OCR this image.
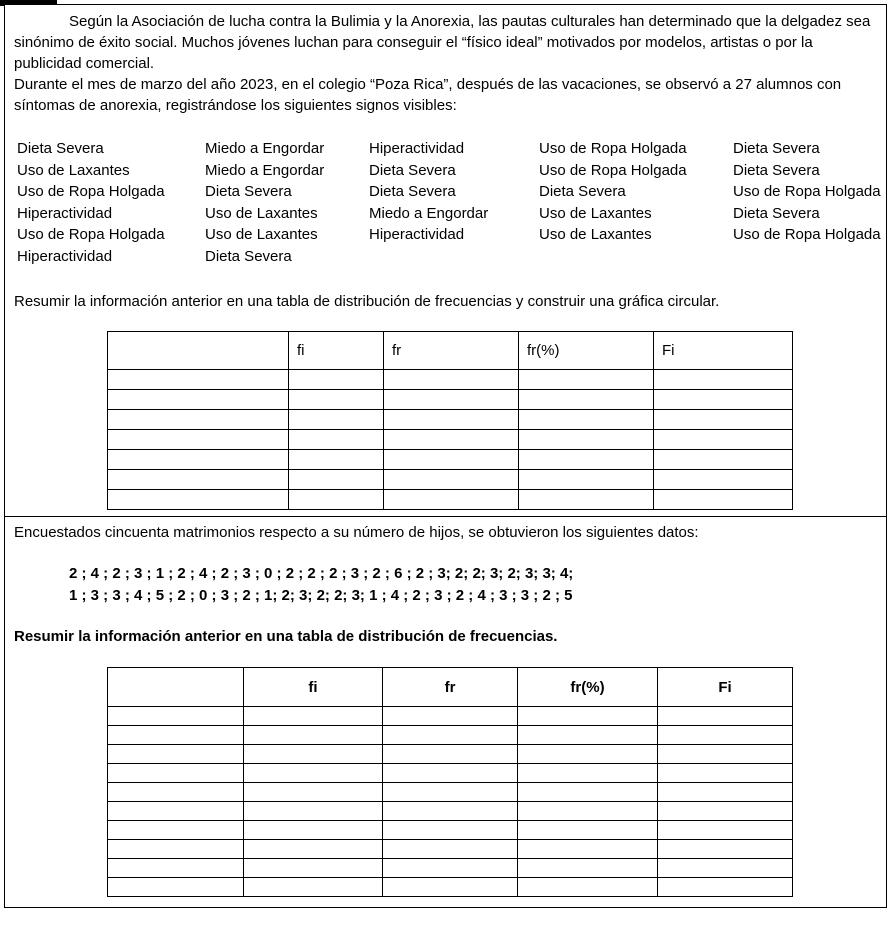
Según la Asociación de lucha contra la Bulimia y la Anorexia, las pautas culturales han determinado que la delgadez sea sinónimo de éxito social. Muchos jóvenes luchan para conseguir el “físico ideal” motivados por modelos, artistas o por la publicidad comercial.

Durante el mes de marzo del año 2023, en el colegio “Poza Rica”, después de las vacaciones, se observó a 27 alumnos con síntomas de anorexia, registrándose los siguientes signos visibles:

Dieta Severa	Miedo a Engordar	Hiperactividad	Uso de Ropa Holgada	Dieta Severa
Uso de Laxantes	Miedo a Engordar	Dieta Severa	Uso de Ropa Holgada	Dieta Severa
Uso de Ropa Holgada	Dieta Severa	Dieta Severa	Dieta Severa	Uso de Ropa Holgada
Hiperactividad	Uso de Laxantes	Miedo a Engordar	Uso de Laxantes	Dieta Severa
Uso de Ropa Holgada	Uso de Laxantes	Hiperactividad	Uso de Laxantes	Uso de Ropa Holgada
Hiperactividad	Dieta Severa

Resumir la información anterior en una tabla de distribución de frecuencias y construir una gráfica circular.

	fi	fr	fr(%)	Fi

Encuestados cincuenta matrimonios respecto a su número de hijos, se obtuvieron los siguientes datos:

2 ; 4 ; 2 ; 3 ; 1 ; 2 ; 4 ; 2 ; 3 ; 0 ; 2 ; 2 ; 2 ; 3 ; 2 ; 6 ; 2 ; 3; 2; 2; 3; 2; 3; 3; 4;
1 ; 3 ; 3 ; 4 ; 5 ; 2 ; 0 ; 3 ; 2 ; 1; 2; 3; 2; 2; 3; 1 ; 4 ; 2 ; 3 ; 2 ; 4 ; 3 ; 3 ; 2 ; 5

Resumir la información anterior en una tabla de distribución de frecuencias.

	fi	fr	fr(%)	Fi
